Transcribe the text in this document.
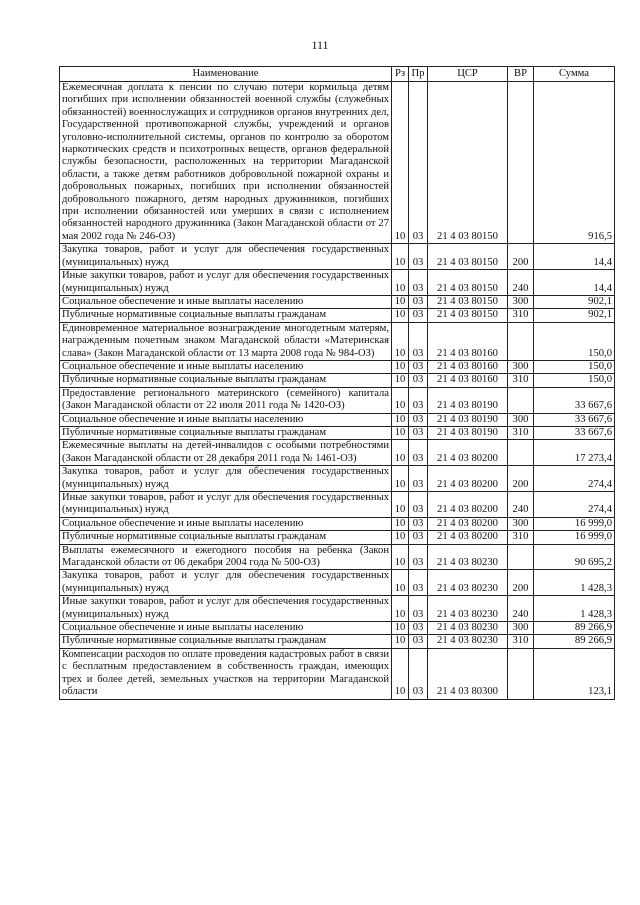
111
Наименование	Рз	Пр	ЦСР	ВР	Сумма
Ежемесячная доплата к пенсии по случаю потери кормильца детям погибших при исполнении обязанностей военной службы (служебных обязанностей) военнослужащих и сотрудников органов внутренних дел, Государственной противопожарной службы, учреждений и органов уголовно-исполнительной системы, органов по контролю за оборотом наркотических средств и психотропных веществ, органов федеральной службы безопасности, расположенных на территории Магаданской области, а также детям работников добровольной пожарной охраны и добровольных пожарных, погибших при исполнении обязанностей добровольного пожарного, детям народных дружинников, погибших при исполнении обязанностей или умерших в связи с исполнением обязанностей народного дружинника (Закон Магаданской области от 27 мая 2002 года № 246-ОЗ)	10	03	21 4 03 80150		916,5
Закупка товаров, работ и услуг для обеспечения государственных (муниципальных) нужд	10	03	21 4 03 80150	200	14,4
Иные закупки товаров, работ и услуг для обеспечения государственных (муниципальных) нужд	10	03	21 4 03 80150	240	14,4
Социальное обеспечение и иные выплаты населению	10	03	21 4 03 80150	300	902,1
Публичные нормативные социальные выплаты гражданам	10	03	21 4 03 80150	310	902,1
Единовременное материальное вознаграждение многодетным матерям, награжденным почетным знаком Магаданской области «Материнская слава» (Закон Магаданской области от 13 марта 2008 года № 984-ОЗ)	10	03	21 4 03 80160		150,0
Социальное обеспечение и иные выплаты населению	10	03	21 4 03 80160	300	150,0
Публичные нормативные социальные выплаты гражданам	10	03	21 4 03 80160	310	150,0
Предоставление регионального материнского (семейного) капитала (Закон Магаданской области от 22 июля 2011 года № 1420-ОЗ)	10	03	21 4 03 80190		33 667,6
Социальное обеспечение и иные выплаты населению	10	03	21 4 03 80190	300	33 667,6
Публичные нормативные социальные выплаты гражданам	10	03	21 4 03 80190	310	33 667,6
Ежемесячные выплаты на детей-инвалидов с особыми потребностями (Закон Магаданской области от 28 декабря 2011 года № 1461-ОЗ)	10	03	21 4 03 80200		17 273,4
Закупка товаров, работ и услуг для обеспечения государственных (муниципальных) нужд	10	03	21 4 03 80200	200	274,4
Иные закупки товаров, работ и услуг для обеспечения государственных (муниципальных) нужд	10	03	21 4 03 80200	240	274,4
Социальное обеспечение и иные выплаты населению	10	03	21 4 03 80200	300	16 999,0
Публичные нормативные социальные выплаты гражданам	10	03	21 4 03 80200	310	16 999,0
Выплаты ежемесячного и ежегодного пособия на ребенка (Закон Магаданской области от 06 декабря 2004 года № 500-ОЗ)	10	03	21 4 03 80230		90 695,2
Закупка товаров, работ и услуг для обеспечения государственных (муниципальных) нужд	10	03	21 4 03 80230	200	1 428,3
Иные закупки товаров, работ и услуг для обеспечения государственных (муниципальных) нужд	10	03	21 4 03 80230	240	1 428,3
Социальное обеспечение и иные выплаты населению	10	03	21 4 03 80230	300	89 266,9
Публичные нормативные социальные выплаты гражданам	10	03	21 4 03 80230	310	89 266,9
Компенсации расходов по оплате проведения кадастровых работ в связи с бесплатным предоставлением в собственность граждан, имеющих трех и более детей, земельных участков на территории Магаданской области	10	03	21 4 03 80300		123,1
